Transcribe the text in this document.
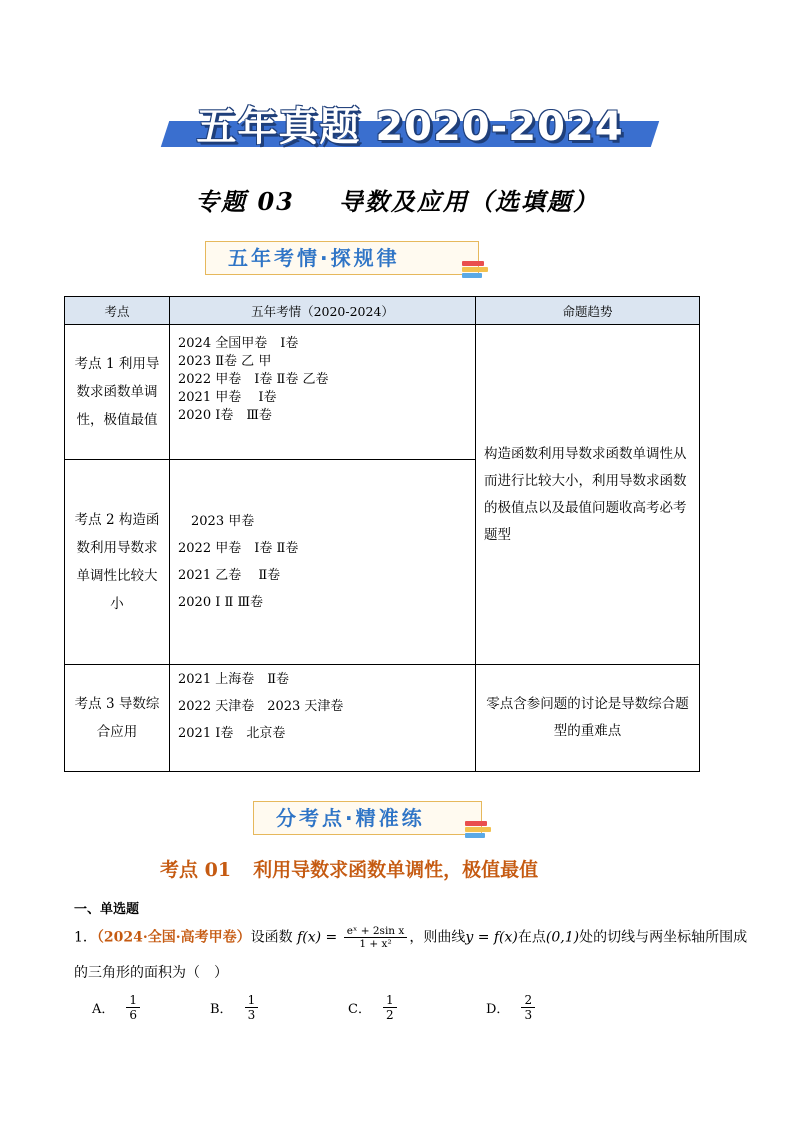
五年真题 2020-2024
专题 03 导数及应用（选填题）
五年考情·探规律
考点	五年考情（2020-2024）	命题趋势
考点 1 利用导数求函数单调性，极值最值	2024 全国甲卷　Ⅰ卷
2023 Ⅱ卷 乙 甲
2022 甲卷　Ⅰ卷 Ⅱ卷 乙卷
2021 甲卷　 Ⅰ卷
2020 Ⅰ卷　Ⅲ卷	构造函数利用导数求函数单调性从而进行比较大小，利用导数求函数的极值点以及最值问题收高考必考题型
考点 2 构造函数利用导数求单调性比较大小	　2023 甲卷
2022 甲卷　Ⅰ卷 Ⅱ卷
2021 乙卷　 Ⅱ卷
2020 Ⅰ Ⅱ Ⅲ卷	

考点 3 导数综合应用	2021 上海卷　Ⅱ卷
2022 天津卷　2023 天津卷
2021 Ⅰ卷　北京卷	零点含参问题的讨论是导数综合题型的重难点
分考点·精准练
考点 01 利用导数求函数单调性，极值最值
一、单选题
1．（2024·全国·高考甲卷）设函数 $f(x) = \frac{\text{eˣ + 2sin x}}{\text{1 + x²}}$ ，则曲线y = f(x)在点(0,1)处的切线与两坐标轴所围成
的三角形的面积为（　）
A． $\frac{1}{6}$	B． $\frac{1}{3}$	C． $\frac{1}{2}$	D． $\frac{2}{3}$
